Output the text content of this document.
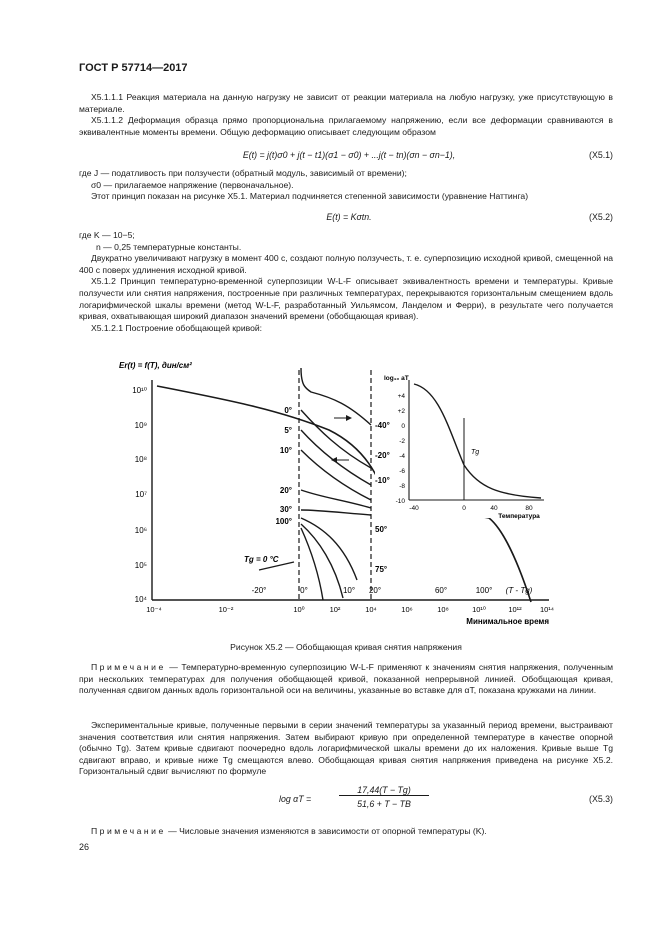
ГОСТ Р 57714—2017

Х5.1.1.1 Реакция материала на данную нагрузку не зависит от реакции материала на любую нагрузку, уже присутствующую в материале.

Х5.1.1.2 Деформация образца прямо пропорциональна прилагаемому напряжению, если все деформации сравниваются в эквивалентные моменты времени. Общую деформацию описывает следующим образом

E(t) = j(t)σ0 + j(t − t1)(σ1 − σ0) + ...j(t − tn)(σn − σn−1),	(Х5.1)

где J — податливость при ползучести (обратный модуль, зависимый от времени);

σ0 — прилагаемое напряжение (первоначальное).

Этот принцип показан на рисунке Х5.1. Материал подчиняется степенной зависимости (уравнение Наттинга)

E(t) = Kσtn.	(Х5.2)

где K — 10−5;

n — 0,25 температурные константы.

Двукратно увеличивают нагрузку в момент 400 с, создают полную ползучесть, т. е. суперпозицию исходной кривой, смещенной на 400 с поверх удлинения исходной кривой.

Х5.1.2 Принцип температурно-временной суперпозиции W-L-F описывает эквивалентность времени и температуры. Кривые ползучести или снятия напряжения, построенные при различных температурах, перекрываются горизонтальным смещением вдоль логарифмической шкалы времени (метод W-L-F, разработанный Уильямсом, Ланделом и Ферри), в результате чего получается кривая, охватывающая широкий диапазон значений времени (обобщающая кривая).

Х5.1.2.1 Построение обобщающей кривой:

10¹⁰
10⁹
10⁸
10⁷
10⁶
10⁵
10⁴
Er(t) = f(T), дин/см²
10⁻⁴	10⁻²	10⁰	10²	10⁴	10⁶	10⁸	10¹⁰	10¹² 10¹⁴
Минимальное время
0°
5°
10°
20°
30°
100°
-40°
-20°
-10°
50°
75°
-20°	0°	10° 20°	60°	100° (T - Tg)
Tg = 0 °C
log₁₀ aT
+4
+2
0
-2
-4
-6
-8
-10
-40	0	40	80
Температура
Tg
Рисунок Х5.2 — Обобщающая кривая снятия напряжения

Примечание — Температурно-временную суперпозицию W-L-F применяют к значениям снятия напряжения, полученным при нескольких температурах для получения обобщающей кривой, показанной непрерывной линией. Обобщающая кривая, полученная сдвигом данных вдоль горизонтальной оси на величины, указанные во вставке для αT, показана кружками на линии.

Экспериментальные кривые, полученные первыми в серии значений температуры за указанный период времени, выстраивают значения соответствия или снятия напряжения. Затем выбирают кривую при определенной температуре в качестве опорной (обычно Tg). Затем кривые сдвигают поочередно вдоль логарифмической шкалы времени до их наложения. Кривые выше Tg сдвигают вправо, и кривые ниже Tg смещаются влево. Обобщающая кривая снятия напряжения приведена на рисунке Х5.2. Горизонтальный сдвиг вычисляют по формуле

log αT =
17,44(T − Tg)
51,6 + T − TB	(Х5.3)

Примечание — Числовые значения изменяются в зависимости от опорной температуры (K).

26
